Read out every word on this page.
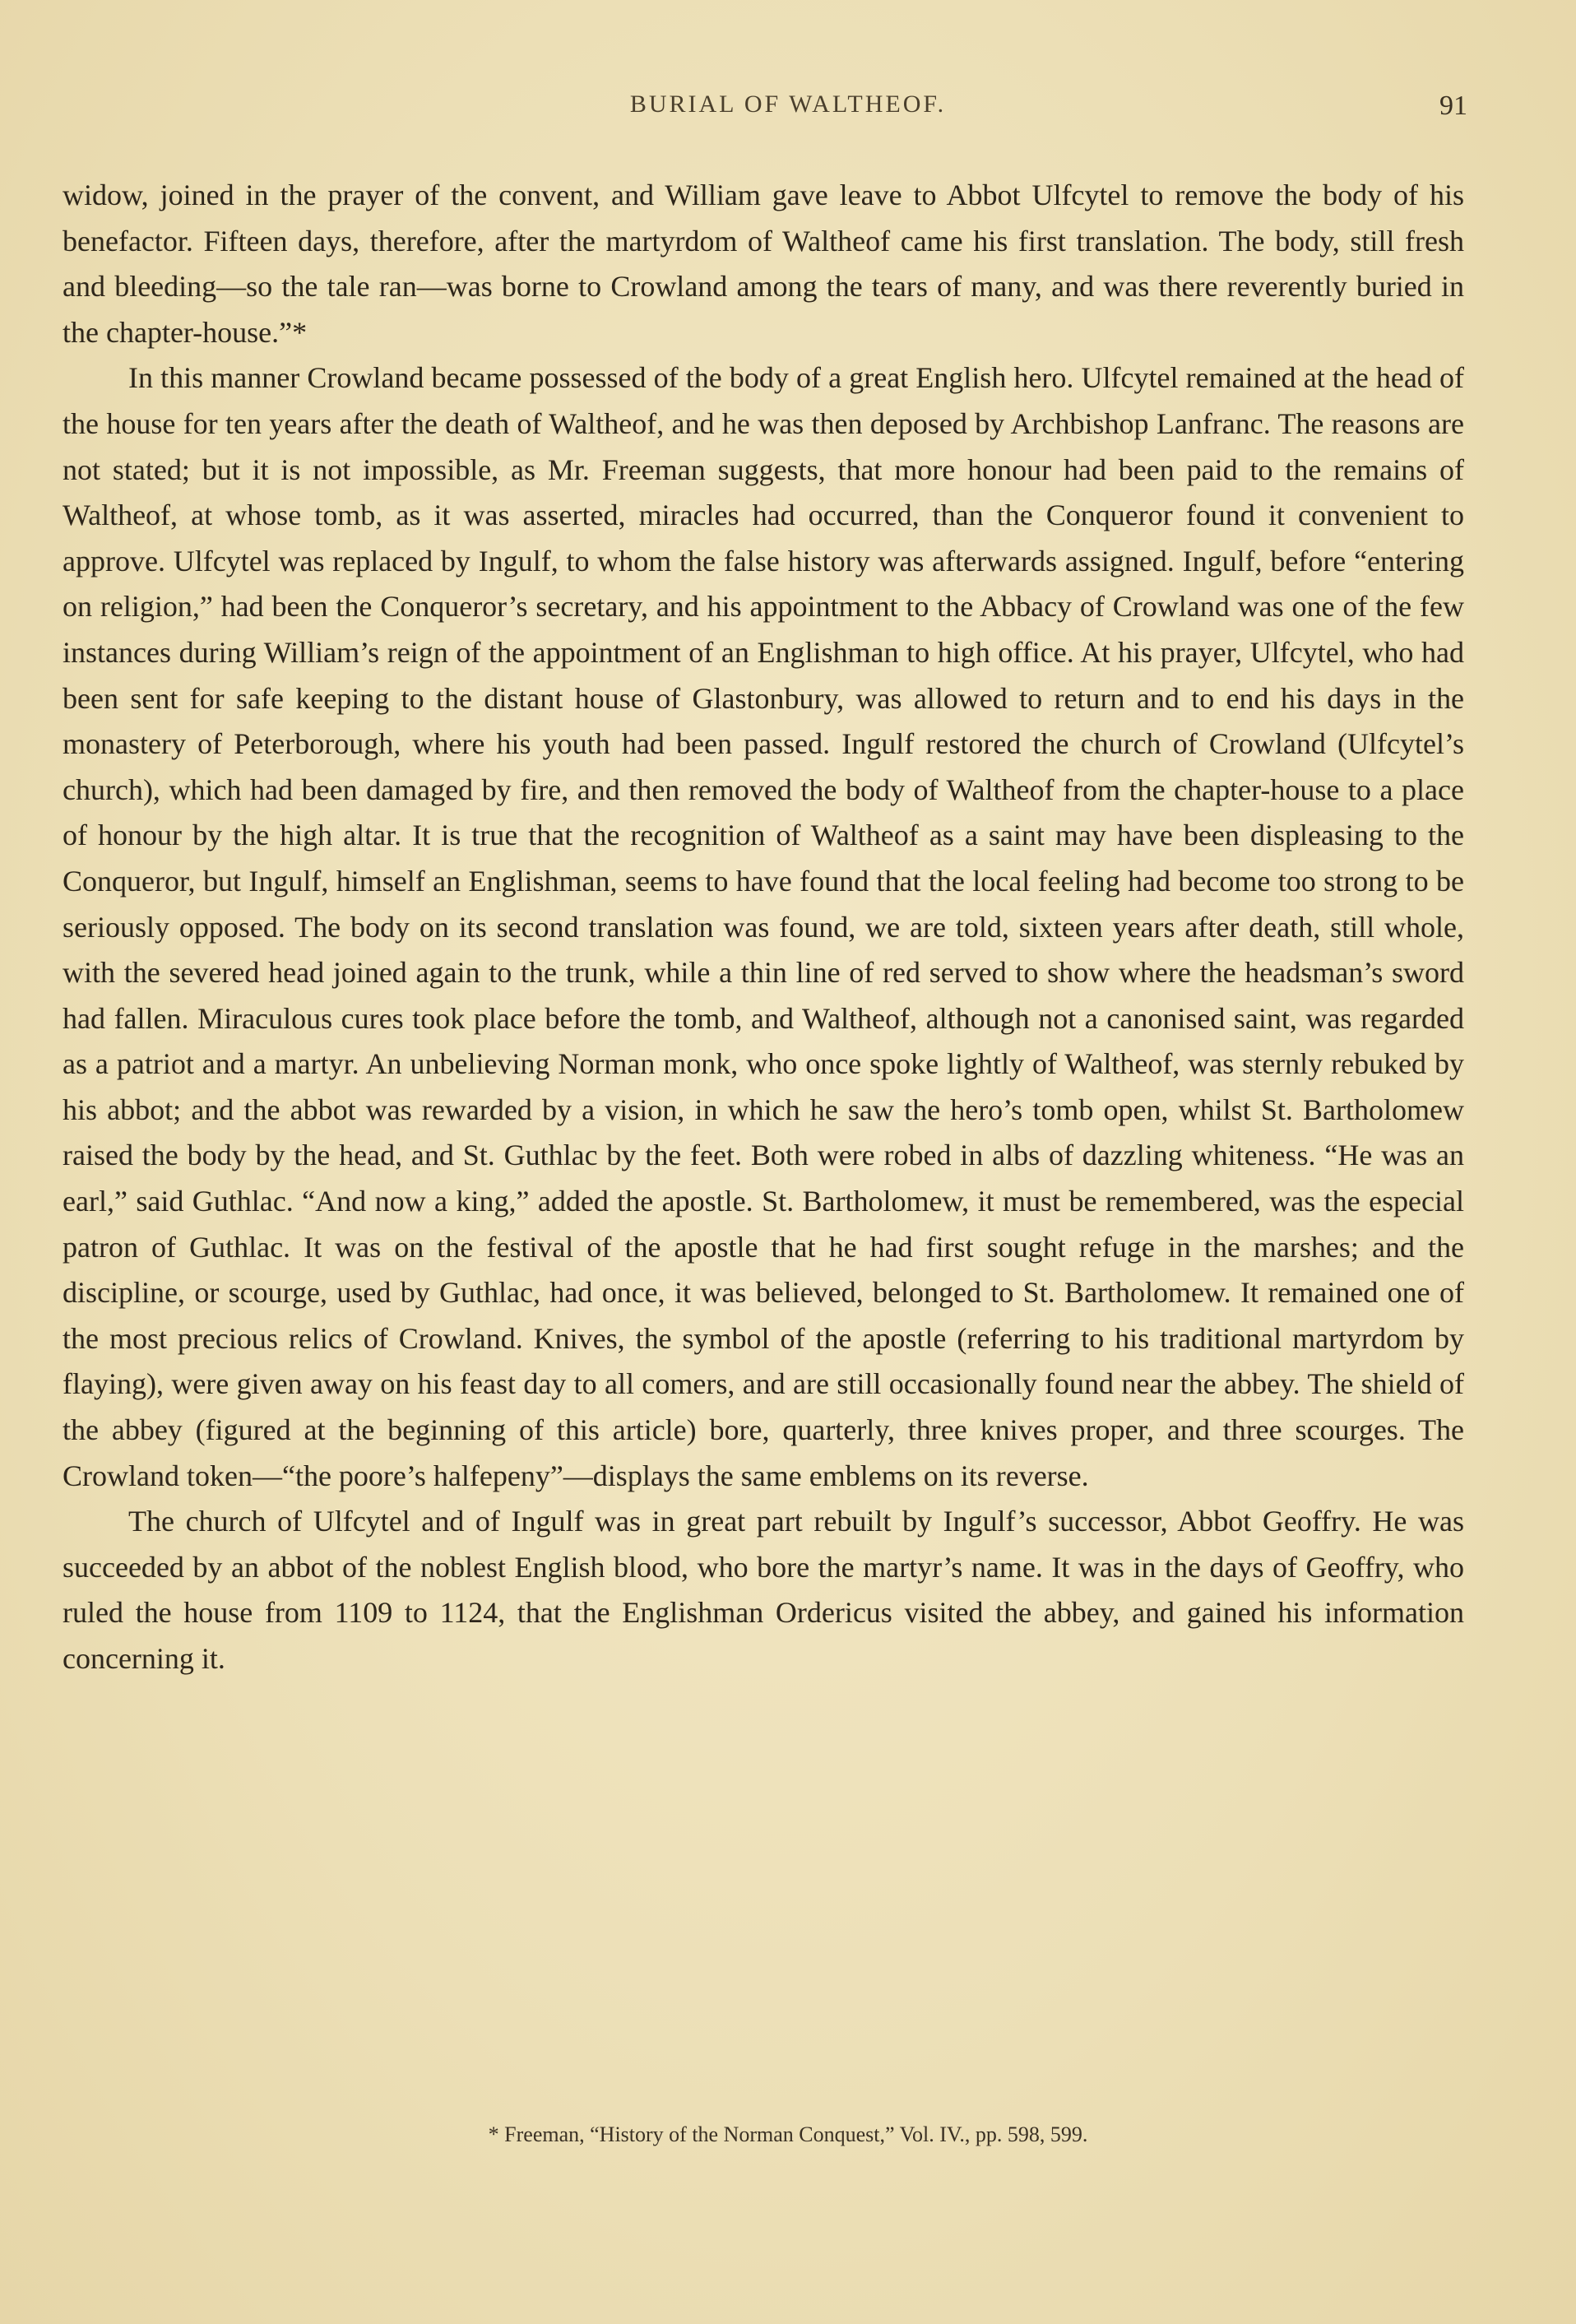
BURIAL OF WALTHEOF.	91

widow, joined in the prayer of the convent, and William gave leave to Abbot Ulfcytel to remove the body of his benefactor. Fifteen days, therefore, after the martyrdom of Waltheof came his first translation. The body, still fresh and bleeding—so the tale ran—was borne to Crowland among the tears of many, and was there reverently buried in the chapter-house.”*

In this manner Crowland became possessed of the body of a great English hero. Ulfcytel remained at the head of the house for ten years after the death of Waltheof, and he was then deposed by Archbishop Lanfranc. The reasons are not stated; but it is not impossible, as Mr. Freeman suggests, that more honour had been paid to the remains of Waltheof, at whose tomb, as it was asserted, miracles had occurred, than the Conqueror found it convenient to approve. Ulfcytel was replaced by Ingulf, to whom the false history was afterwards assigned. Ingulf, before “entering on religion,” had been the Conqueror’s secretary, and his appointment to the Abbacy of Crowland was one of the few instances during William’s reign of the appointment of an Englishman to high office. At his prayer, Ulfcytel, who had been sent for safe keeping to the distant house of Glastonbury, was allowed to return and to end his days in the monastery of Peterborough, where his youth had been passed. Ingulf restored the church of Crowland (Ulfcytel’s church), which had been damaged by fire, and then removed the body of Waltheof from the chapter-house to a place of honour by the high altar. It is true that the recognition of Waltheof as a saint may have been displeasing to the Conqueror, but Ingulf, himself an Englishman, seems to have found that the local feeling had become too strong to be seriously opposed. The body on its second translation was found, we are told, sixteen years after death, still whole, with the severed head joined again to the trunk, while a thin line of red served to show where the headsman’s sword had fallen. Miraculous cures took place before the tomb, and Waltheof, although not a canonised saint, was regarded as a patriot and a martyr. An unbelieving Norman monk, who once spoke lightly of Waltheof, was sternly rebuked by his abbot; and the abbot was rewarded by a vision, in which he saw the hero’s tomb open, whilst St. Bartholomew raised the body by the head, and St. Guthlac by the feet. Both were robed in albs of dazzling whiteness. “He was an earl,” said Guthlac. “And now a king,” added the apostle. St. Bartholomew, it must be remembered, was the especial patron of Guthlac. It was on the festival of the apostle that he had first sought refuge in the marshes; and the discipline, or scourge, used by Guthlac, had once, it was believed, belonged to St. Bartholomew. It remained one of the most precious relics of Crowland. Knives, the symbol of the apostle (referring to his traditional martyrdom by flaying), were given away on his feast day to all comers, and are still occasionally found near the abbey. The shield of the abbey (figured at the beginning of this article) bore, quarterly, three knives proper, and three scourges. The Crowland token—“the poore’s halfepeny”—displays the same emblems on its reverse.

The church of Ulfcytel and of Ingulf was in great part rebuilt by Ingulf’s successor, Abbot Geoffry. He was succeeded by an abbot of the noblest English blood, who bore the martyr’s name. It was in the days of Geoffry, who ruled the house from 1109 to 1124, that the Englishman Ordericus visited the abbey, and gained his information concerning it.

* Freeman, “History of the Norman Conquest,” Vol. IV., pp. 598, 599.
